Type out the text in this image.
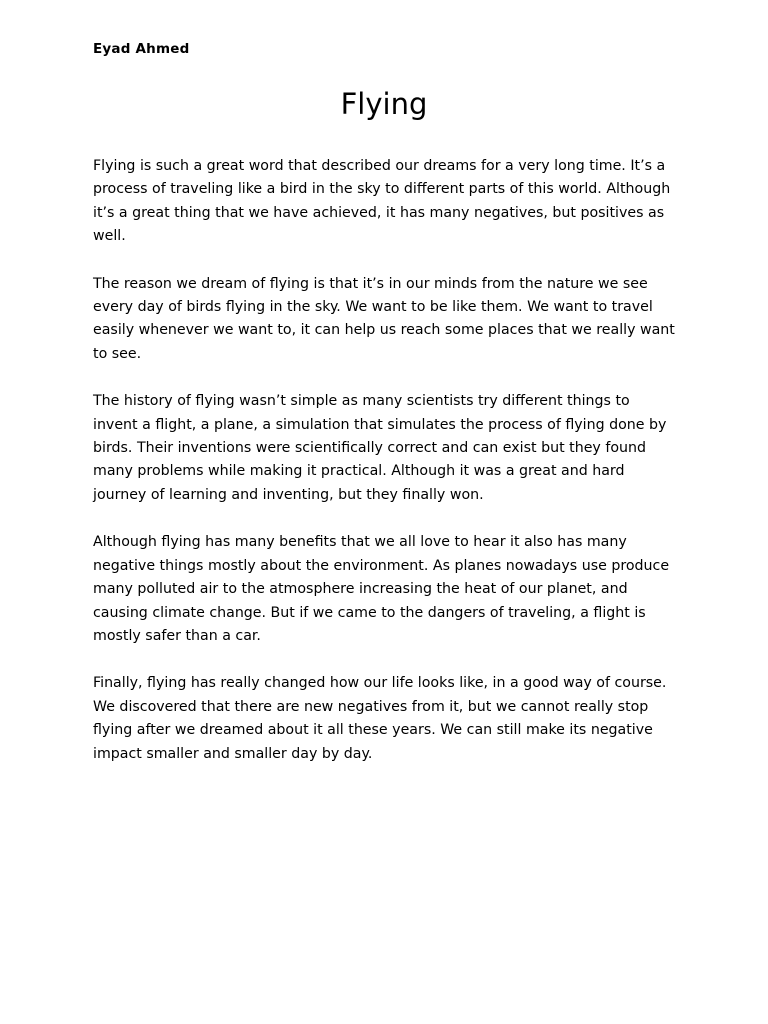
Eyad Ahmed
Flying

Flying is such a great word that described our dreams for a very long time. It’s a process of traveling like a bird in the sky to different parts of this world. Although it’s a great thing that we have achieved, it has many negatives, but positives as well.

The reason we dream of flying is that it’s in our minds from the nature we see every day of birds flying in the sky. We want to be like them. We want to travel easily whenever we want to, it can help us reach some places that we really want to see.

The history of flying wasn’t simple as many scientists try different things to invent a flight, a plane, a simulation that simulates the process of flying done by birds. Their inventions were scientifically correct and can exist but they found many problems while making it practical. Although it was a great and hard journey of learning and inventing, but they finally won.

Although flying has many benefits that we all love to hear it also has many negative things mostly about the environment. As planes nowadays use produce many polluted air to the atmosphere increasing the heat of our planet, and causing climate change. But if we came to the dangers of traveling, a flight is mostly safer than a car.

Finally, flying has really changed how our life looks like, in a good way of course. We discovered that there are new negatives from it, but we cannot really stop flying after we dreamed about it all these years. We can still make its negative impact smaller and smaller day by day.
